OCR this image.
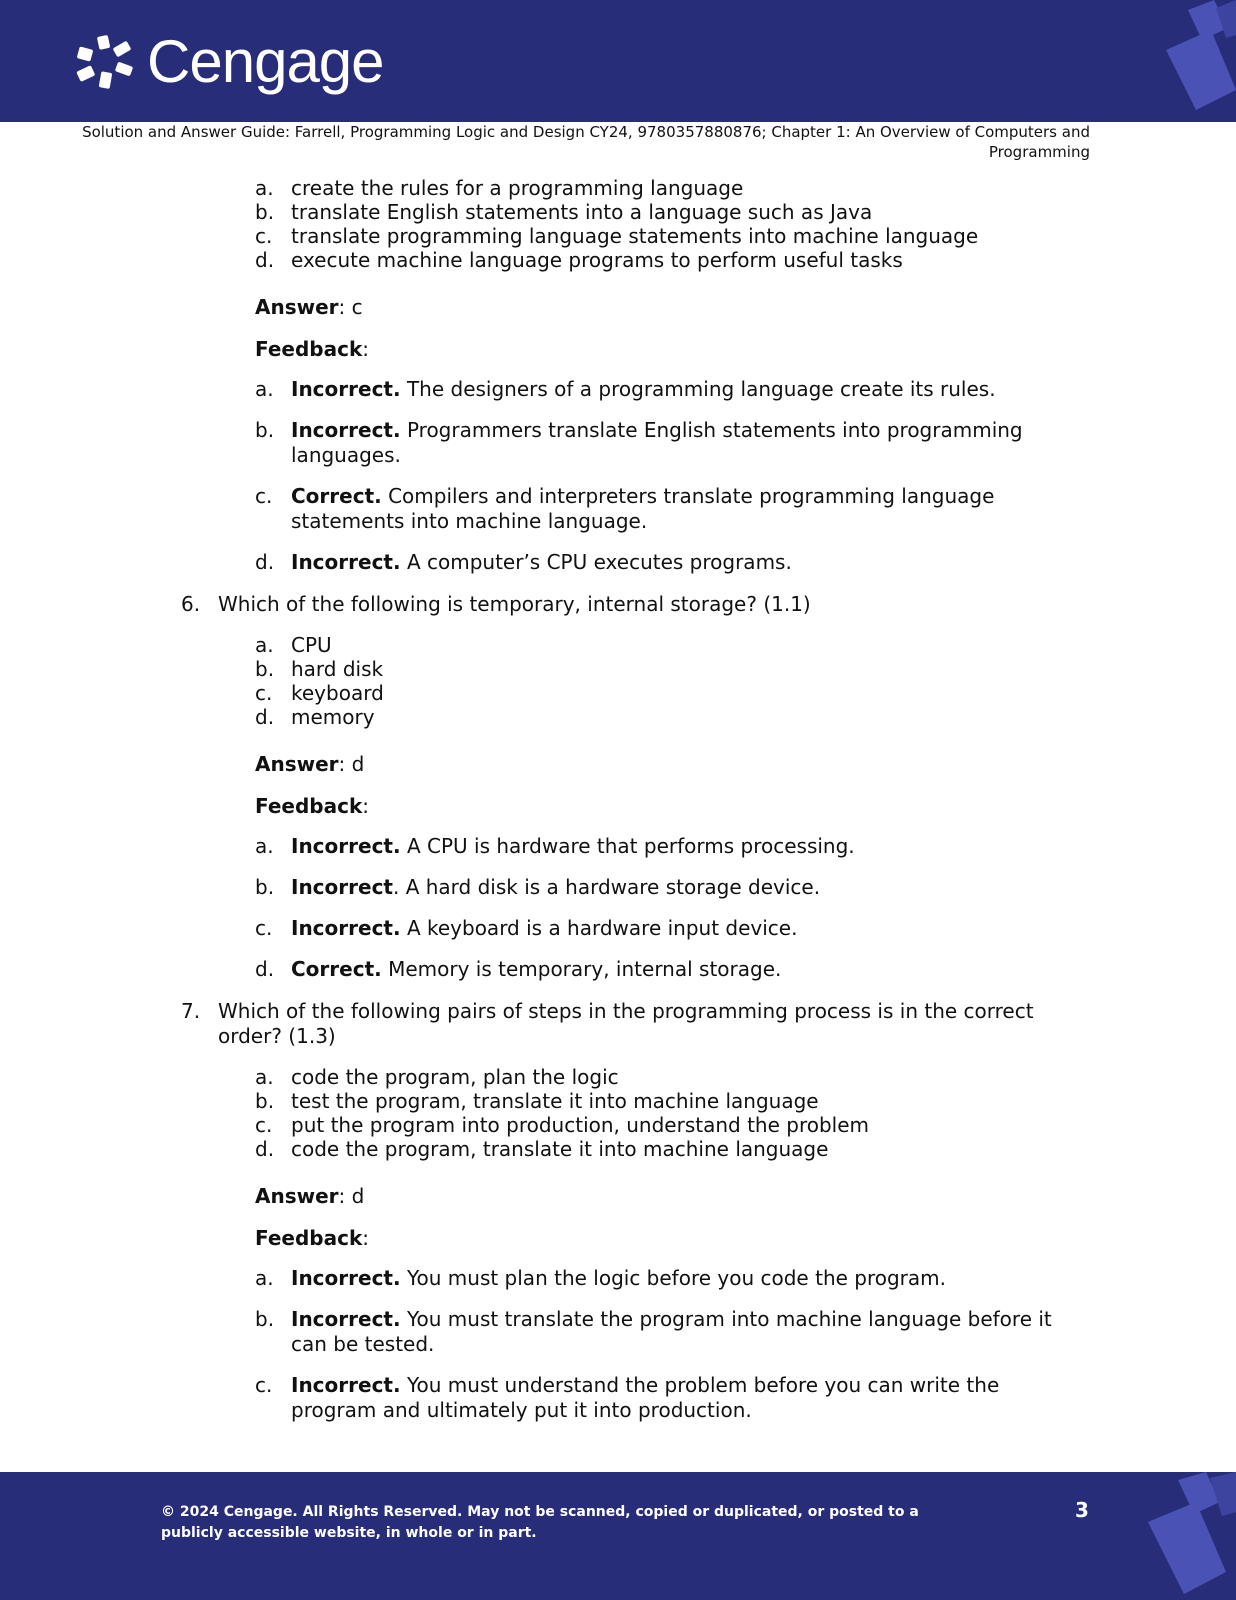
Cengage
Solution and Answer Guide: Farrell, Programming Logic and Design CY24, 9780357880876; Chapter 1: An Overview of Computers and Programming
a. create the rules for a programming language
b. translate English statements into a language such as Java
c. translate programming language statements into machine language
d. execute machine language programs to perform useful tasks
Answer: c
Feedback:
a. Incorrect. The designers of a programming language create its rules.
b. Incorrect. Programmers translate English statements into programming languages.
c. Correct. Compilers and interpreters translate programming language statements into machine language.
d. Incorrect. A computer’s CPU executes programs.
6. Which of the following is temporary, internal storage? (1.1)
a. CPU
b. hard disk
c. keyboard
d. memory
Answer: d
Feedback:
a. Incorrect. A CPU is hardware that performs processing.
b. Incorrect. A hard disk is a hardware storage device.
c. Incorrect. A keyboard is a hardware input device.
d. Correct. Memory is temporary, internal storage.
7. Which of the following pairs of steps in the programming process is in the correct order? (1.3)
a. code the program, plan the logic
b. test the program, translate it into machine language
c. put the program into production, understand the problem
d. code the program, translate it into machine language
Answer: d
Feedback:
a. Incorrect. You must plan the logic before you code the program.
b. Incorrect. You must translate the program into machine language before it can be tested.
c. Incorrect. You must understand the problem before you can write the program and ultimately put it into production.
© 2024 Cengage. All Rights Reserved. May not be scanned, copied or duplicated, or posted to a publicly accessible website, in whole or in part.
3
